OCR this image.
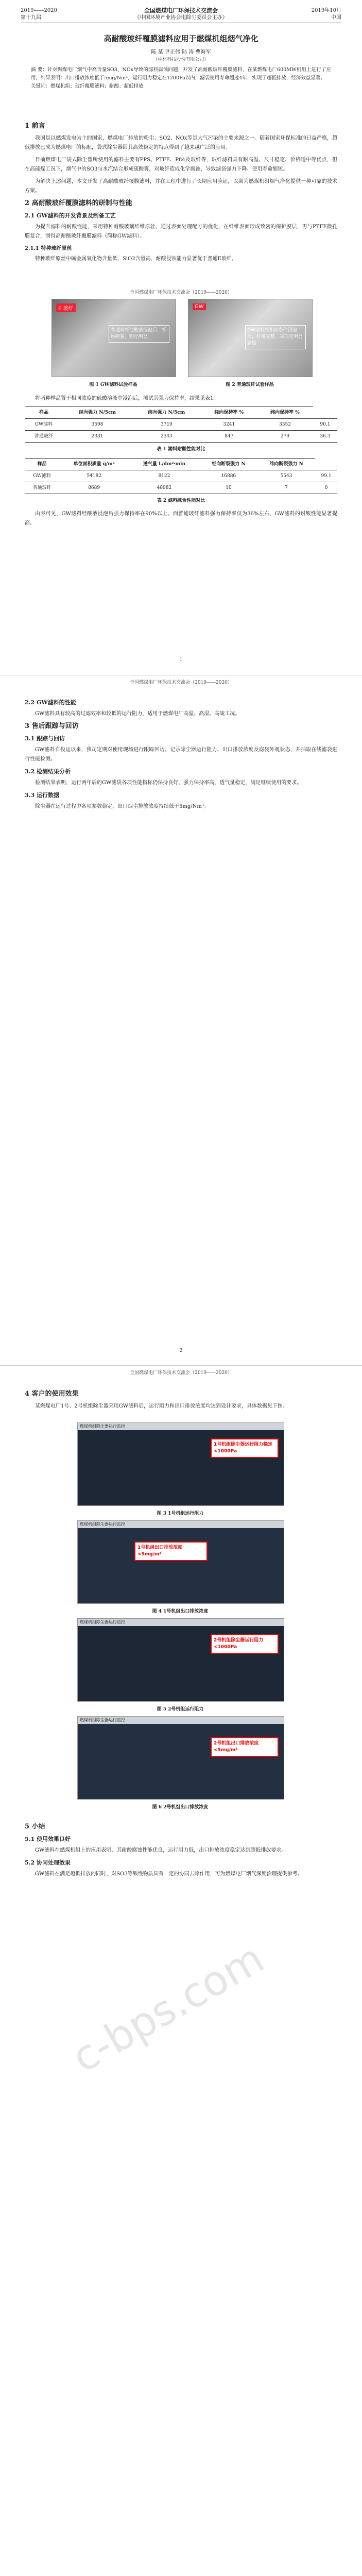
2019——2020
第十九届
全国燃煤电厂环保技术交流会
《中国环境产业协会电除尘委员会主办》
2019年10月
中国
高耐酸玻纤覆膜滤料应用于燃煤机组烟气净化
陈 某 尹正伟 陆 涛 曹海军
（中材科技股份有限公司）
摘 要：针对燃煤电厂烟气中高含量SO3、NOx导致的滤料腐蚀问题，开发了高耐酸玻纤覆膜滤料，在某燃煤电厂600MW机组上进行了应用，结果表明：出口排放浓度低于5mg/Nm³，运行阻力稳定在1200Pa以内，滤袋使用寿命超过4年，实现了超低排放，经济效益显著。
关键词：燃煤机组；玻纤覆膜滤料；耐酸；超低排放
1 前言

我国是以燃煤发电为主的国家，燃煤电厂排放的粉尘、SO2、NOx等是大气污染的主要来源之一。随着国家环保标准的日益严格，超低排放已成为燃煤电厂的标配，袋式除尘器因其高效稳定的特点得到了越来越广泛的应用。

目前燃煤电厂袋式除尘器所使用的滤料主要有PPS、PTFE、P84及玻纤等，玻纤滤料具有耐高温、尺寸稳定、价格适中等优点，但在高硫煤工况下，烟气中的SO3与水汽结合形成硫酸雾，对玻纤造成化学腐蚀，导致滤袋强力下降、使用寿命缩短。

为解决上述问题，本文开发了高耐酸玻纤覆膜滤料，并在工程中进行了长期应用验证，以期为燃煤机组烟气净化提供一种可靠的技术方案。

2 高耐酸玻纤覆膜滤料的研制与性能
2.1 GW滤料的开发背景及制备工艺

为提升滤料的耐酸性能，采用特种耐酸玻璃纤维原丝，通过表面处理配方的优化，在纤维表面形成致密的保护膜层，再与PTFE微孔膜复合，制得高耐酸玻纤覆膜滤料（简称GW滤料）。

2.1.1 特种玻纤原丝

特种玻纤原丝中碱金属氧化物含量低，SiO2含量高，耐酸侵蚀能力显著优于普通E玻纤。

全国燃煤电厂环保技术交流会（2019——2020）
E 玻纤
普通玻纤经酸液浸泡后，纤维断裂、粉化明显
GW
GW滤料经相同条件浸泡后，纤维完整，表面无明显腐蚀
图 1 GW滤料试验样品	图 2 普通玻纤试验样品

将两种样品置于相同浓度的硫酸溶液中浸泡后，测试其强力保持率，结果见表1。

样品	经向强力 N/5cm	纬向强力 N/5cm	经向保持率 %	纬向保持率 %	
GW滤料	3598	3719	3241	3352	90.1
普通玻纤	2331	2343	847	279	36.3
表 1 滤料耐酸性能对比
样品	单位面积质量 g/m²	透气量 L/dm²·min	经向断裂强力 N	纬向断裂强力 N	
GW滤料	54182	8122	16886	5543	99.1
普通玻纤	8689	48982	10	7	0
表 2 滤料综合性能对比

由表可见，GW滤料经酸液浸泡后强力保持率在90%以上，而普通玻纤滤料强力保持率仅为36%左右，GW滤料的耐酸性能显著提高。

1
全国燃煤电厂环保技术交流会（2019——2020）
2.2 GW滤料的性能

GW滤料具有较高的过滤效率和较低的运行阻力，适用于燃煤电厂高温、高湿、高硫工况。

3 售后跟踪与回访
3.1 跟踪与回访

GW滤料自投运以来，我司定期对使用现场进行跟踪回访，记录除尘器运行阻力、出口排放浓度及滤袋外观状态，并抽取在线滤袋进行性能检测。

3.2 检测结果分析

检测结果表明，运行两年后的GW滤袋各项性能指标仍保持良好，强力保持率高，透气量稳定，满足继续使用的要求。

3.3 运行数据

除尘器在运行过程中各项参数稳定，出口烟尘排放浓度持续低于5mg/Nm³。

2
全国燃煤电厂环保技术交流会（2019——2020）
4 客户的使用效果

某燃煤电厂1号、2号机组除尘器采用GW滤料后，运行阻力和出口排放浓度均达到设计要求，具体数据见下图。

燃煤机组除尘器运行监控
1号机组除尘器运行阻力稳定<1000Pa
图 3 1号机组运行阻力
燃煤机组除尘器运行监控
1号机组出口排放浓度<5mg/m³
图 4 1号机组出口排放浓度
燃煤机组除尘器运行监控
2号机组除尘器运行阻力<1000Pa
图 5 2号机组运行阻力
燃煤机组除尘器运行监控
2号机组出口排放浓度<5mg/m³
图 6 2号机组出口排放浓度
5 小结
5.1 使用效果良好

GW滤料在燃煤机组上的应用表明，其耐酸腐蚀性能优良，运行阻力低，出口排放浓度稳定达到超低排放要求。

5.2 协同处理效果

GW滤料在满足超低排放的同时，对SO3等酸性物质具有一定的协同去除作用，可为燃煤电厂烟气深度治理提供参考。

c-bps.com
